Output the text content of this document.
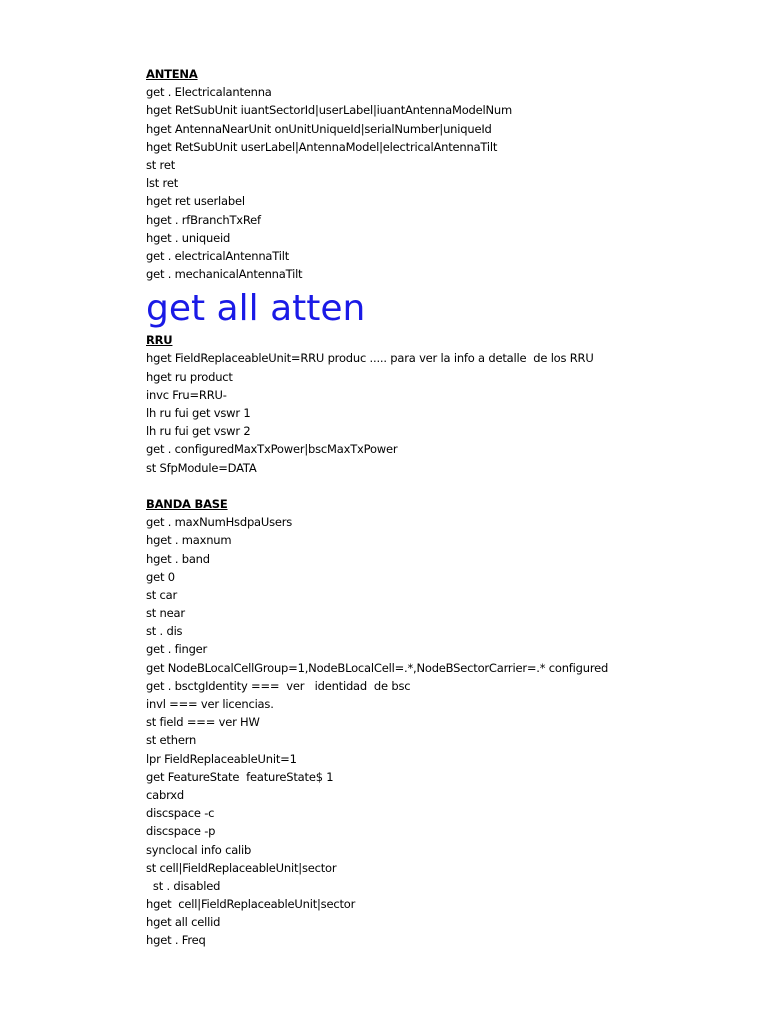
ANTENA
get . Electricalantenna
hget RetSubUnit iuantSectorId|userLabel|iuantAntennaModelNum
hget AntennaNearUnit onUnitUniqueId|serialNumber|uniqueId
hget RetSubUnit userLabel|AntennaModel|electricalAntennaTilt
st ret
lst ret
hget ret userlabel
hget . rfBranchTxRef
hget . uniqueid
get . electricalAntennaTilt
get . mechanicalAntennaTilt
get all atten
RRU
hget FieldReplaceableUnit=RRU produc ..... para ver la info a detalle  de los RRU
hget ru product
invc Fru=RRU-
lh ru fui get vswr 1
lh ru fui get vswr 2
get . configuredMaxTxPower|bscMaxTxPower
st SfpModule=DATA
BANDA BASE
get . maxNumHsdpaUsers
hget . maxnum
hget . band
get 0
st car
st near
st . dis
get . finger
get NodeBLocalCellGroup=1,NodeBLocalCell=.*,NodeBSectorCarrier=.* configured
get . bsctgIdentity ===  ver   identidad  de bsc
invl === ver licencias.
st field === ver HW
st ethern
lpr FieldReplaceableUnit=1
get FeatureState  featureState$ 1
cabrxd
discspace -c
discspace -p
synclocal info calib
st cell|FieldReplaceableUnit|sector
st . disabled
hget  cell|FieldReplaceableUnit|sector
hget all cellid
hget . Freq
